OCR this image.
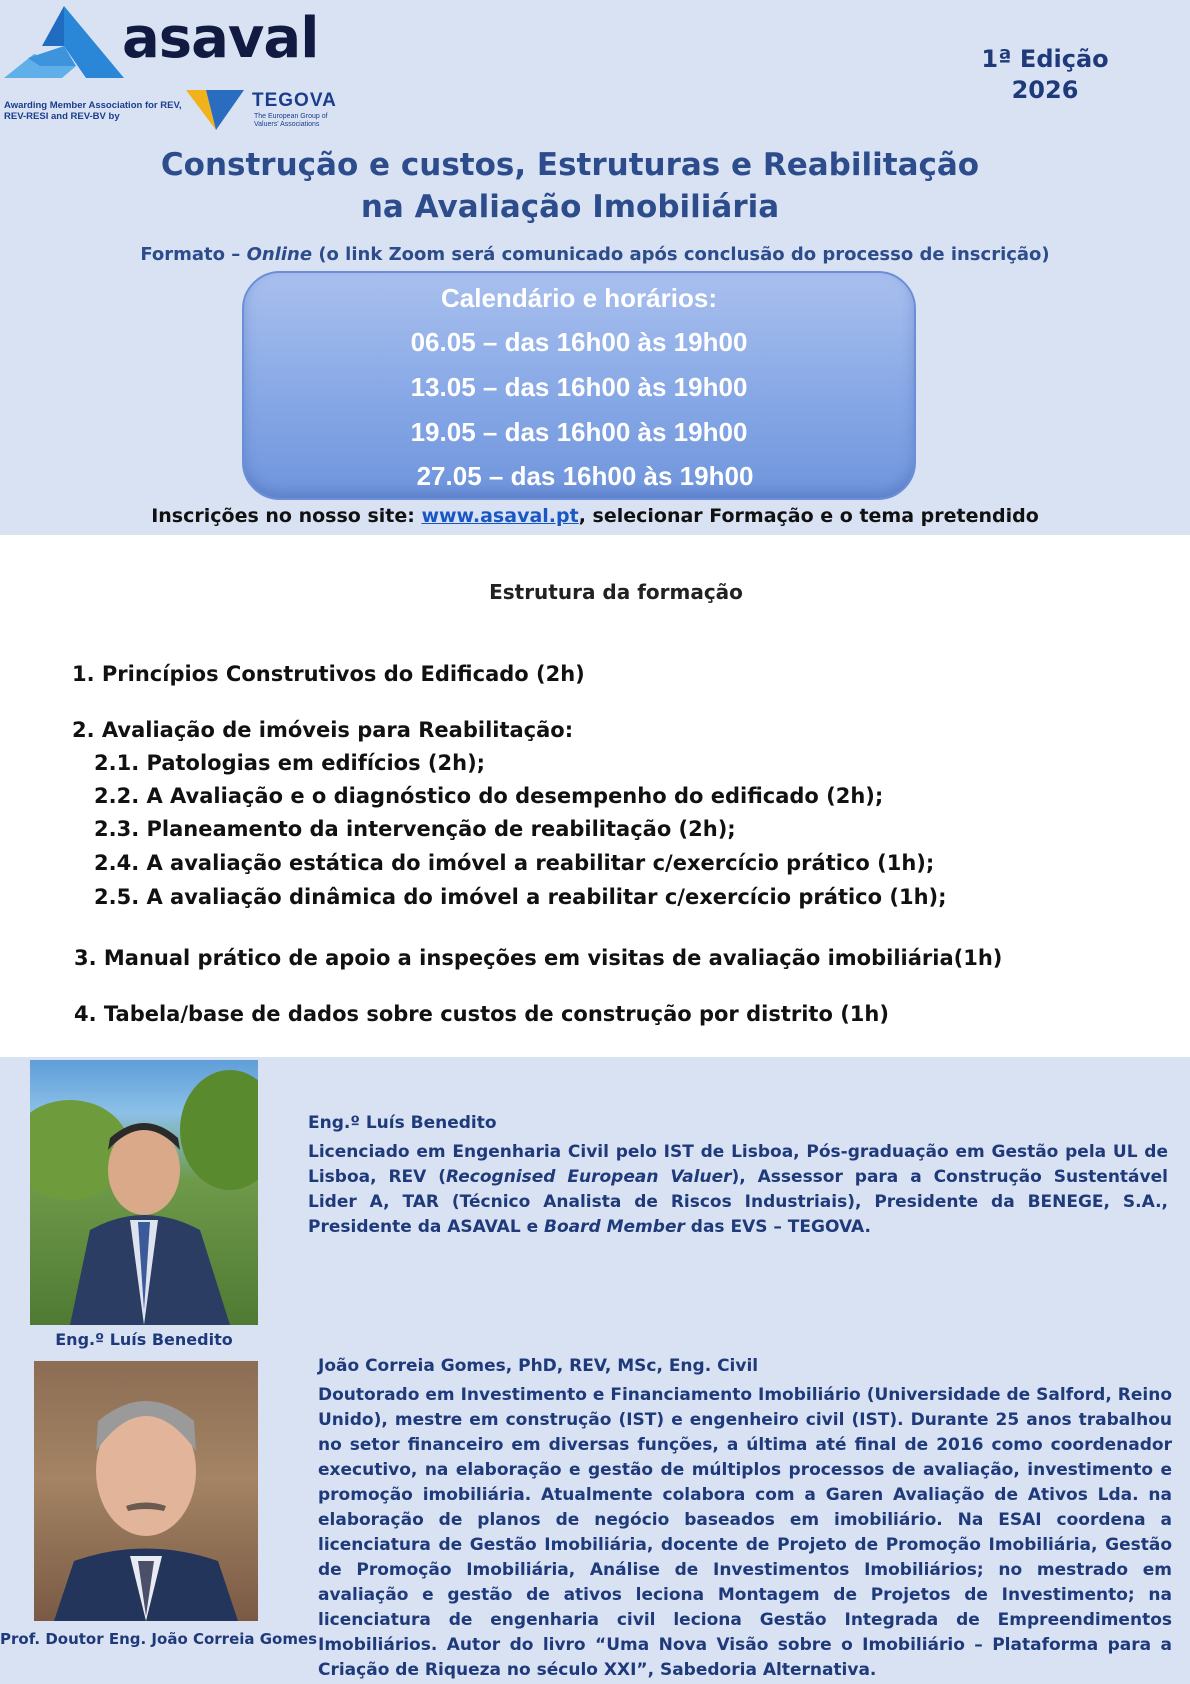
asaval
Awarding Member Association for REV, REV-RESI and REV-BV by
TEGOVA
The European Group of Valuers' Associations
1ª Edição
2026
Construção e custos, Estruturas e Reabilitação
na Avaliação Imobiliária
Formato – Online (o link Zoom será comunicado após conclusão do processo de inscrição)
Calendário e horários:
06.05 – das 16h00 às 19h00
13.05 – das 16h00 às 19h00
19.05 – das 16h00 às 19h00
27.05 – das 16h00 às 19h00
Inscrições no nosso site: www.asaval.pt, selecionar Formação e o tema pretendido
Estrutura da formação
1. Princípios Construtivos do Edificado (2h)
2. Avaliação de imóveis para Reabilitação:
2.1. Patologias em edifícios (2h);
2.2. A Avaliação e o diagnóstico do desempenho do edificado (2h);
2.3. Planeamento da intervenção de reabilitação (2h);
2.4. A avaliação estática do imóvel a reabilitar c/exercício prático (1h);
2.5. A avaliação dinâmica do imóvel a reabilitar c/exercício prático (1h);
3. Manual prático de apoio a inspeções em visitas de avaliação imobiliária(1h)
4. Tabela/base de dados sobre custos de construção por distrito (1h)
Eng.º Luís Benedito
Eng.º Luís Benedito
Licenciado em Engenharia Civil pelo IST de Lisboa, Pós-graduação em Gestão pela UL de Lisboa, REV (Recognised European Valuer), Assessor para a Construção Sustentável Lider A, TAR (Técnico Analista de Riscos Industriais), Presidente da BENEGE, S.A., Presidente da ASAVAL e Board Member das EVS – TEGOVA.
Prof. Doutor Eng. João Correia Gomes
João Correia Gomes, PhD, REV, MSc, Eng. Civil
Doutorado em Investimento e Financiamento Imobiliário (Universidade de Salford, Reino Unido), mestre em construção (IST) e engenheiro civil (IST). Durante 25 anos trabalhou no setor financeiro em diversas funções, a última até final de 2016 como coordenador executivo, na elaboração e gestão de múltiplos processos de avaliação, investimento e promoção imobiliária. Atualmente colabora com a Garen Avaliação de Ativos Lda. na elaboração de planos de negócio baseados em imobiliário. Na ESAI coordena a licenciatura de Gestão Imobiliária, docente de Projeto de Promoção Imobiliária, Gestão de Promoção Imobiliária, Análise de Investimentos Imobiliários; no mestrado em avaliação e gestão de ativos leciona Montagem de Projetos de Investimento; na licenciatura de engenharia civil leciona Gestão Integrada de Empreendimentos Imobiliários. Autor do livro “Uma Nova Visão sobre o Imobiliário – Plataforma para a Criação de Riqueza no século XXI”, Sabedoria Alternativa.
